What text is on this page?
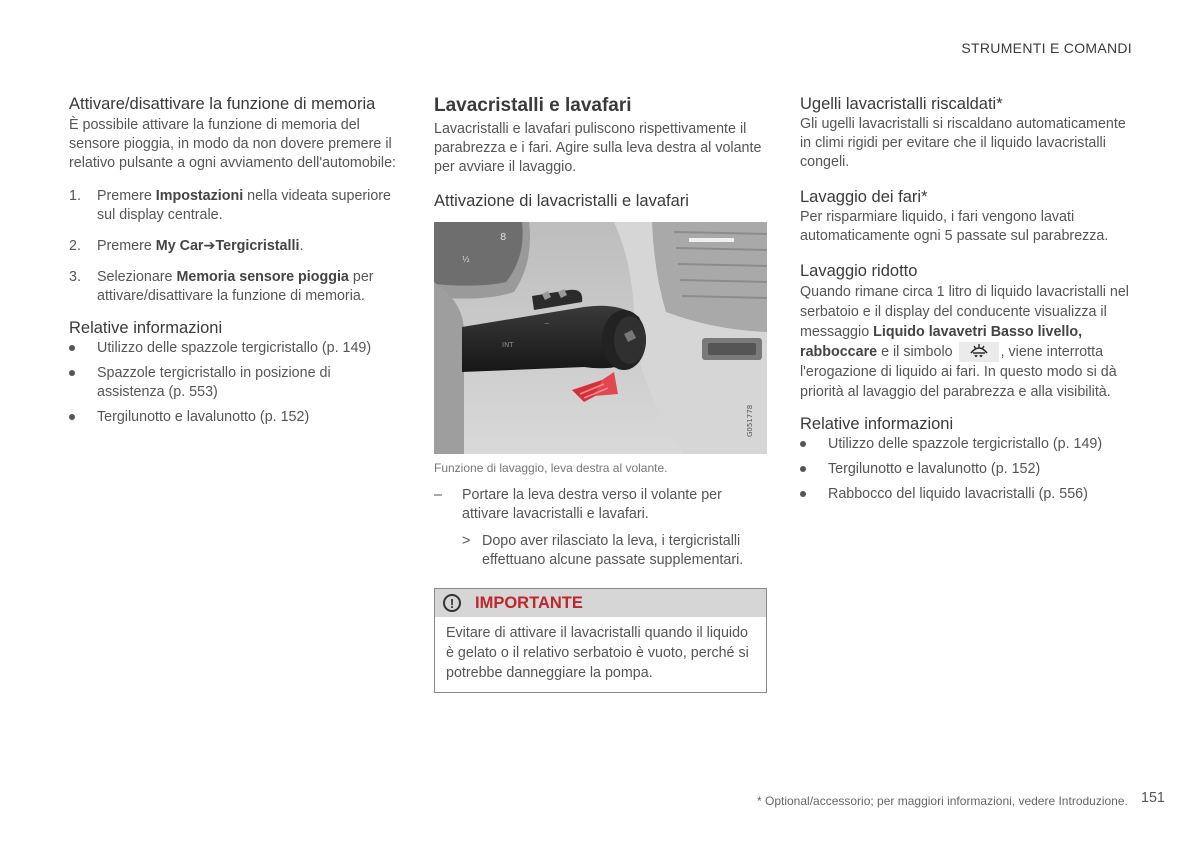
STRUMENTI E COMANDI
Attivare/disattivare la funzione di memoria

È possibile attivare la funzione di memoria del sensore pioggia, in modo da non dovere premere il relativo pulsante a ogni avviamento dell'automobile:

1. Premere Impostazioni nella videata superiore sul display centrale.
2. Premere My Car➔Tergicristalli.
3. Selezionare Memoria sensore pioggia per attivare/disattivare la funzione di memoria.
Relative informazioni
Utilizzo delle spazzole tergicristallo (p. 149)
Spazzole tergicristallo in posizione di assistenza (p. 553)
Tergilunotto e lavalunotto (p. 152)
Lavacristalli e lavafari

Lavacristalli e lavafari puliscono rispettivamente il parabrezza e i fari. Agire sulla leva destra al volante per avviare il lavaggio.

Attivazione di lavacristalli e lavafari
8
½
INT
~
G051778
Funzione di lavaggio, leva destra al volante.
– Portare la leva destra verso il volante per attivare lavacristalli e lavafari.
> Dopo aver rilasciato la leva, i tergicristalli effettuano alcune passate supplementari.
!	IMPORTANTE
Evitare di attivare il lavacristalli quando il liquido è gelato o il relativo serbatoio è vuoto, perché si potrebbe danneggiare la pompa.
Ugelli lavacristalli riscaldati*

Gli ugelli lavacristalli si riscaldano automaticamente in climi rigidi per evitare che il liquido lavacristalli congeli.

Lavaggio dei fari*

Per risparmiare liquido, i fari vengono lavati automaticamente ogni 5 passate sul parabrezza.

Lavaggio ridotto

Quando rimane circa 1 litro di liquido lavacristalli nel serbatoio e il display del conducente visualizza il messaggio Liquido lavavetri Basso livello, rabboccare e il simbolo	, viene interrotta l'erogazione di liquido ai fari. In questo modo si dà priorità al lavaggio del parabrezza e alla visibilità.

Relative informazioni
Utilizzo delle spazzole tergicristallo (p. 149)
Tergilunotto e lavalunotto (p. 152)
Rabbocco del liquido lavacristalli (p. 556)
* Optional/accessorio; per maggiori informazioni, vedere Introduzione. 151
